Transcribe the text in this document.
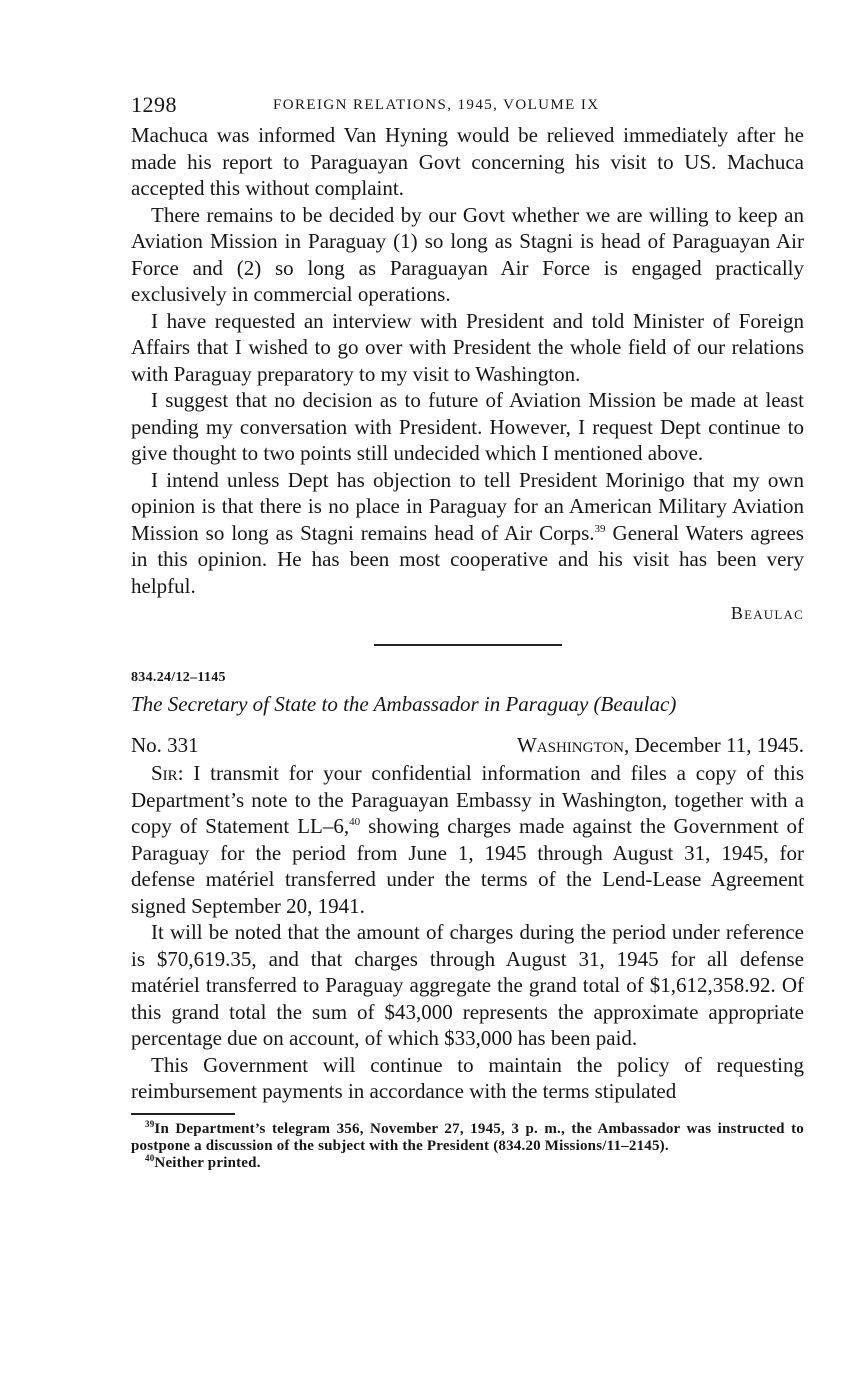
1298	FOREIGN RELATIONS, 1945, VOLUME IX

Machuca was informed Van Hyning would be relieved immediately after he made his report to Paraguayan Govt concerning his visit to US. Machuca accepted this without complaint.

There remains to be decided by our Govt whether we are willing to keep an Aviation Mission in Paraguay (1) so long as Stagni is head of Paraguayan Air Force and (2) so long as Paraguayan Air Force is engaged practically exclusively in commercial operations.

I have requested an interview with President and told Minister of Foreign Affairs that I wished to go over with President the whole field of our relations with Paraguay preparatory to my visit to Washington.

I suggest that no decision as to future of Aviation Mission be made at least pending my conversation with President. However, I request Dept continue to give thought to two points still undecided which I mentioned above.

I intend unless Dept has objection to tell President Morinigo that my own opinion is that there is no place in Paraguay for an American Military Aviation Mission so long as Stagni remains head of Air Corps.$^{39}$ General Waters agrees in this opinion. He has been most cooperative and his visit has been very helpful.

Beaulac

834.24/12–1145

The Secretary of State to the Ambassador in Paraguay (Beaulac)

No. 331	Washington, December 11, 1945.

Sir: I transmit for your confidential information and files a copy of this Department’s note to the Paraguayan Embassy in Washington, together with a copy of Statement LL–6,40 showing charges made against the Government of Paraguay for the period from June 1, 1945 through August 31, 1945, for defense matériel transferred under the terms of the Lend-Lease Agreement signed September 20, 1941.

It will be noted that the amount of charges during the period under reference is $70,619.35, and that charges through August 31, 1945 for all defense matériel transferred to Paraguay aggregate the grand total of $1,612,358.92. Of this grand total the sum of $43,000 represents the approximate appropriate percentage due on account, of which $33,000 has been paid.

This Government will continue to maintain the policy of requesting reimbursement payments in accordance with the terms stipulated

$^{39}$In Department’s telegram 356, November 27, 1945, 3 p. m., the Ambassador was instructed to postpone a discussion of the subject with the President (834.20 Missions/11–2145).

$^{40}$Neither printed.
